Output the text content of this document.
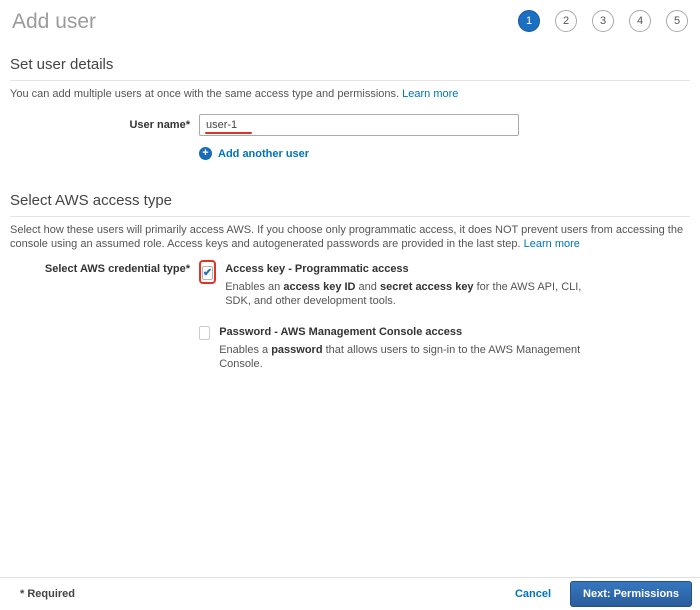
Add user	1	2	3	4	5
Set user details
You can add multiple users at once with the same access type and permissions. Learn more
User name*
user-1
+ Add another user
Select AWS access type
Select how these users will primarily access AWS. If you choose only programmatic access, it does NOT prevent users from accessing the console using an assumed role. Access keys and autogenerated passwords are provided in the last step. Learn more
Select AWS credential type*	✔	Access key - Programmatic access
Enables an access key ID and secret access key for the AWS API, CLI, SDK, and other development tools.
Password - AWS Management Console access
Enables a password that allows users to sign-in to the AWS Management Console.
* Required	Cancel	Next: Permissions
